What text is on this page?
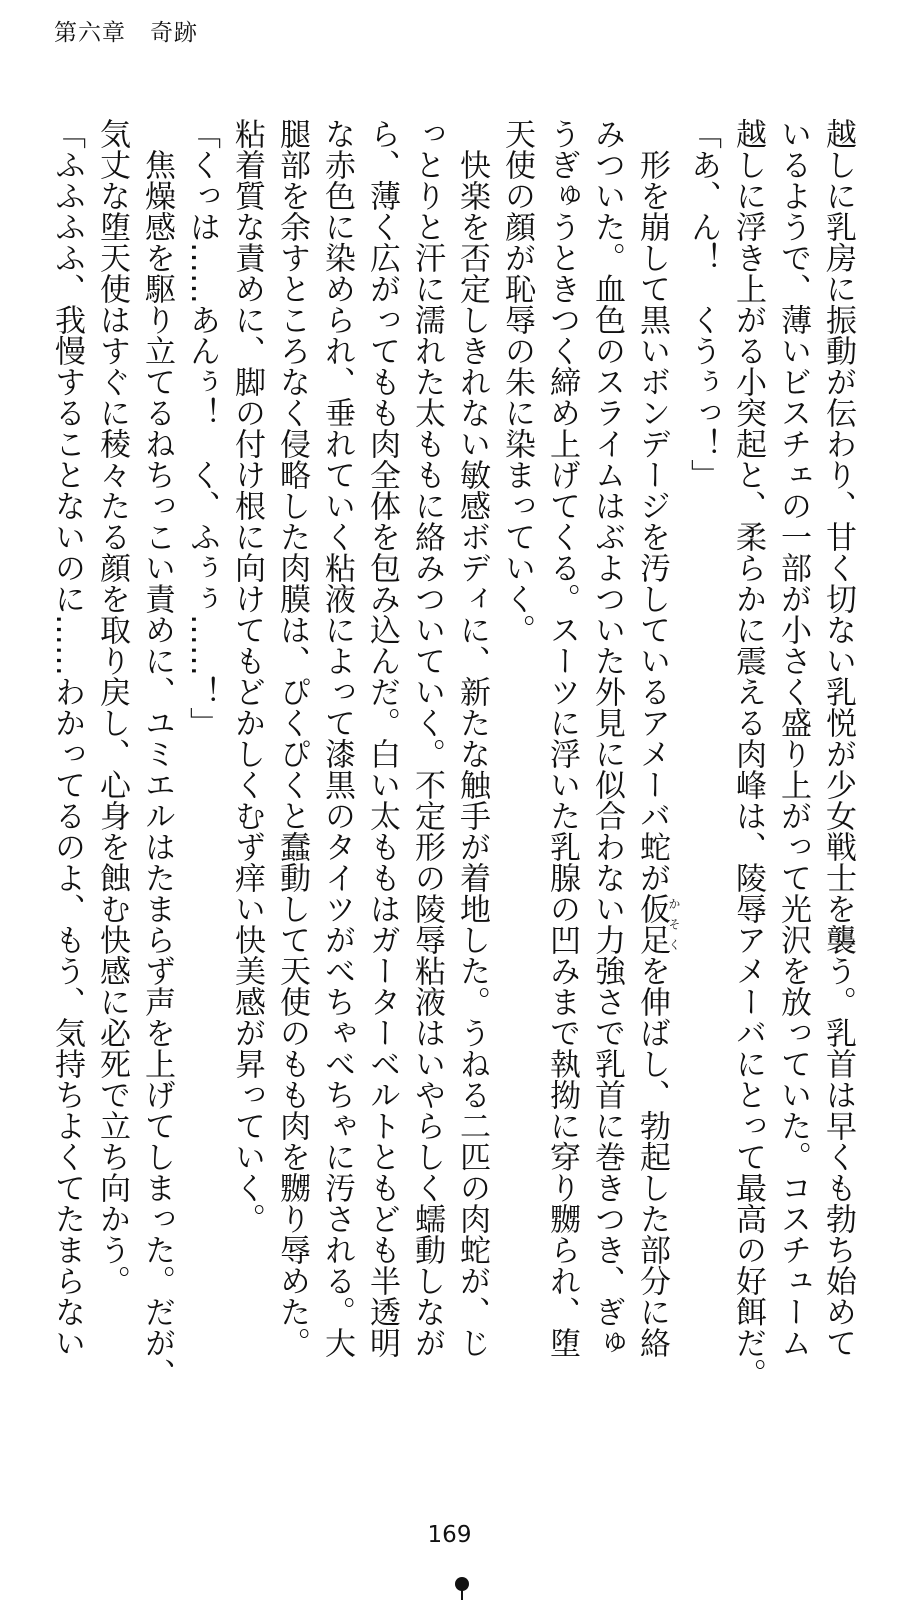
第六章　奇跡
越しに乳房に振動が伝わり、甘く切ない乳悦が少女戦士を襲う。乳首は早くも勃ち始めて
いるようで、薄いビスチェの一部が小さく盛り上がって光沢を放っていた。コスチューム
越しに浮き上がる小突起と、柔らかに震える肉峰は、陵辱アメーバにとって最高の好餌だ。
「あ、ん！　くうぅっ！」
　形を崩して黒いボンデージを汚しているアメーバ蛇が仮足かそくを伸ばし、勃起した部分に絡
みついた。血色のスライムはぶよついた外見に似合わない力強さで乳首に巻きつき、ぎゅ
うぎゅうときつく締め上げてくる。スーツに浮いた乳腺の凹みまで執拗に穿り嬲られ、堕
天使の顔が恥辱の朱に染まっていく。
　快楽を否定しきれない敏感ボディに、新たな触手が着地した。うねる二匹の肉蛇が、じ
っとりと汗に濡れた太ももに絡みついていく。不定形の陵辱粘液はいやらしく蠕動しなが
ら、薄く広がってもも肉全体を包み込んだ。白い太ももはガーターベルトともども半透明
な赤色に染められ、垂れていく粘液によって漆黒のタイツがべちゃべちゃに汚される。大
腿部を余すところなく侵略した肉膜は、ぴくぴくと蠢動して天使のもも肉を嬲り辱めた。
粘着質な責めに、脚の付け根に向けてもどかしくむず痒い快美感が昇っていく。
「くっは……あんぅ！　く、ふぅぅ……！」
　焦燥感を駆り立てるねちっこい責めに、ユミエルはたまらず声を上げてしまった。だが、
気丈な堕天使はすぐに稜々たる顔を取り戻し、心身を蝕む快感に必死で立ち向かう。
「ふふふふ、我慢することないのに……わかってるのよ、もう、気持ちよくてたまらない
169
